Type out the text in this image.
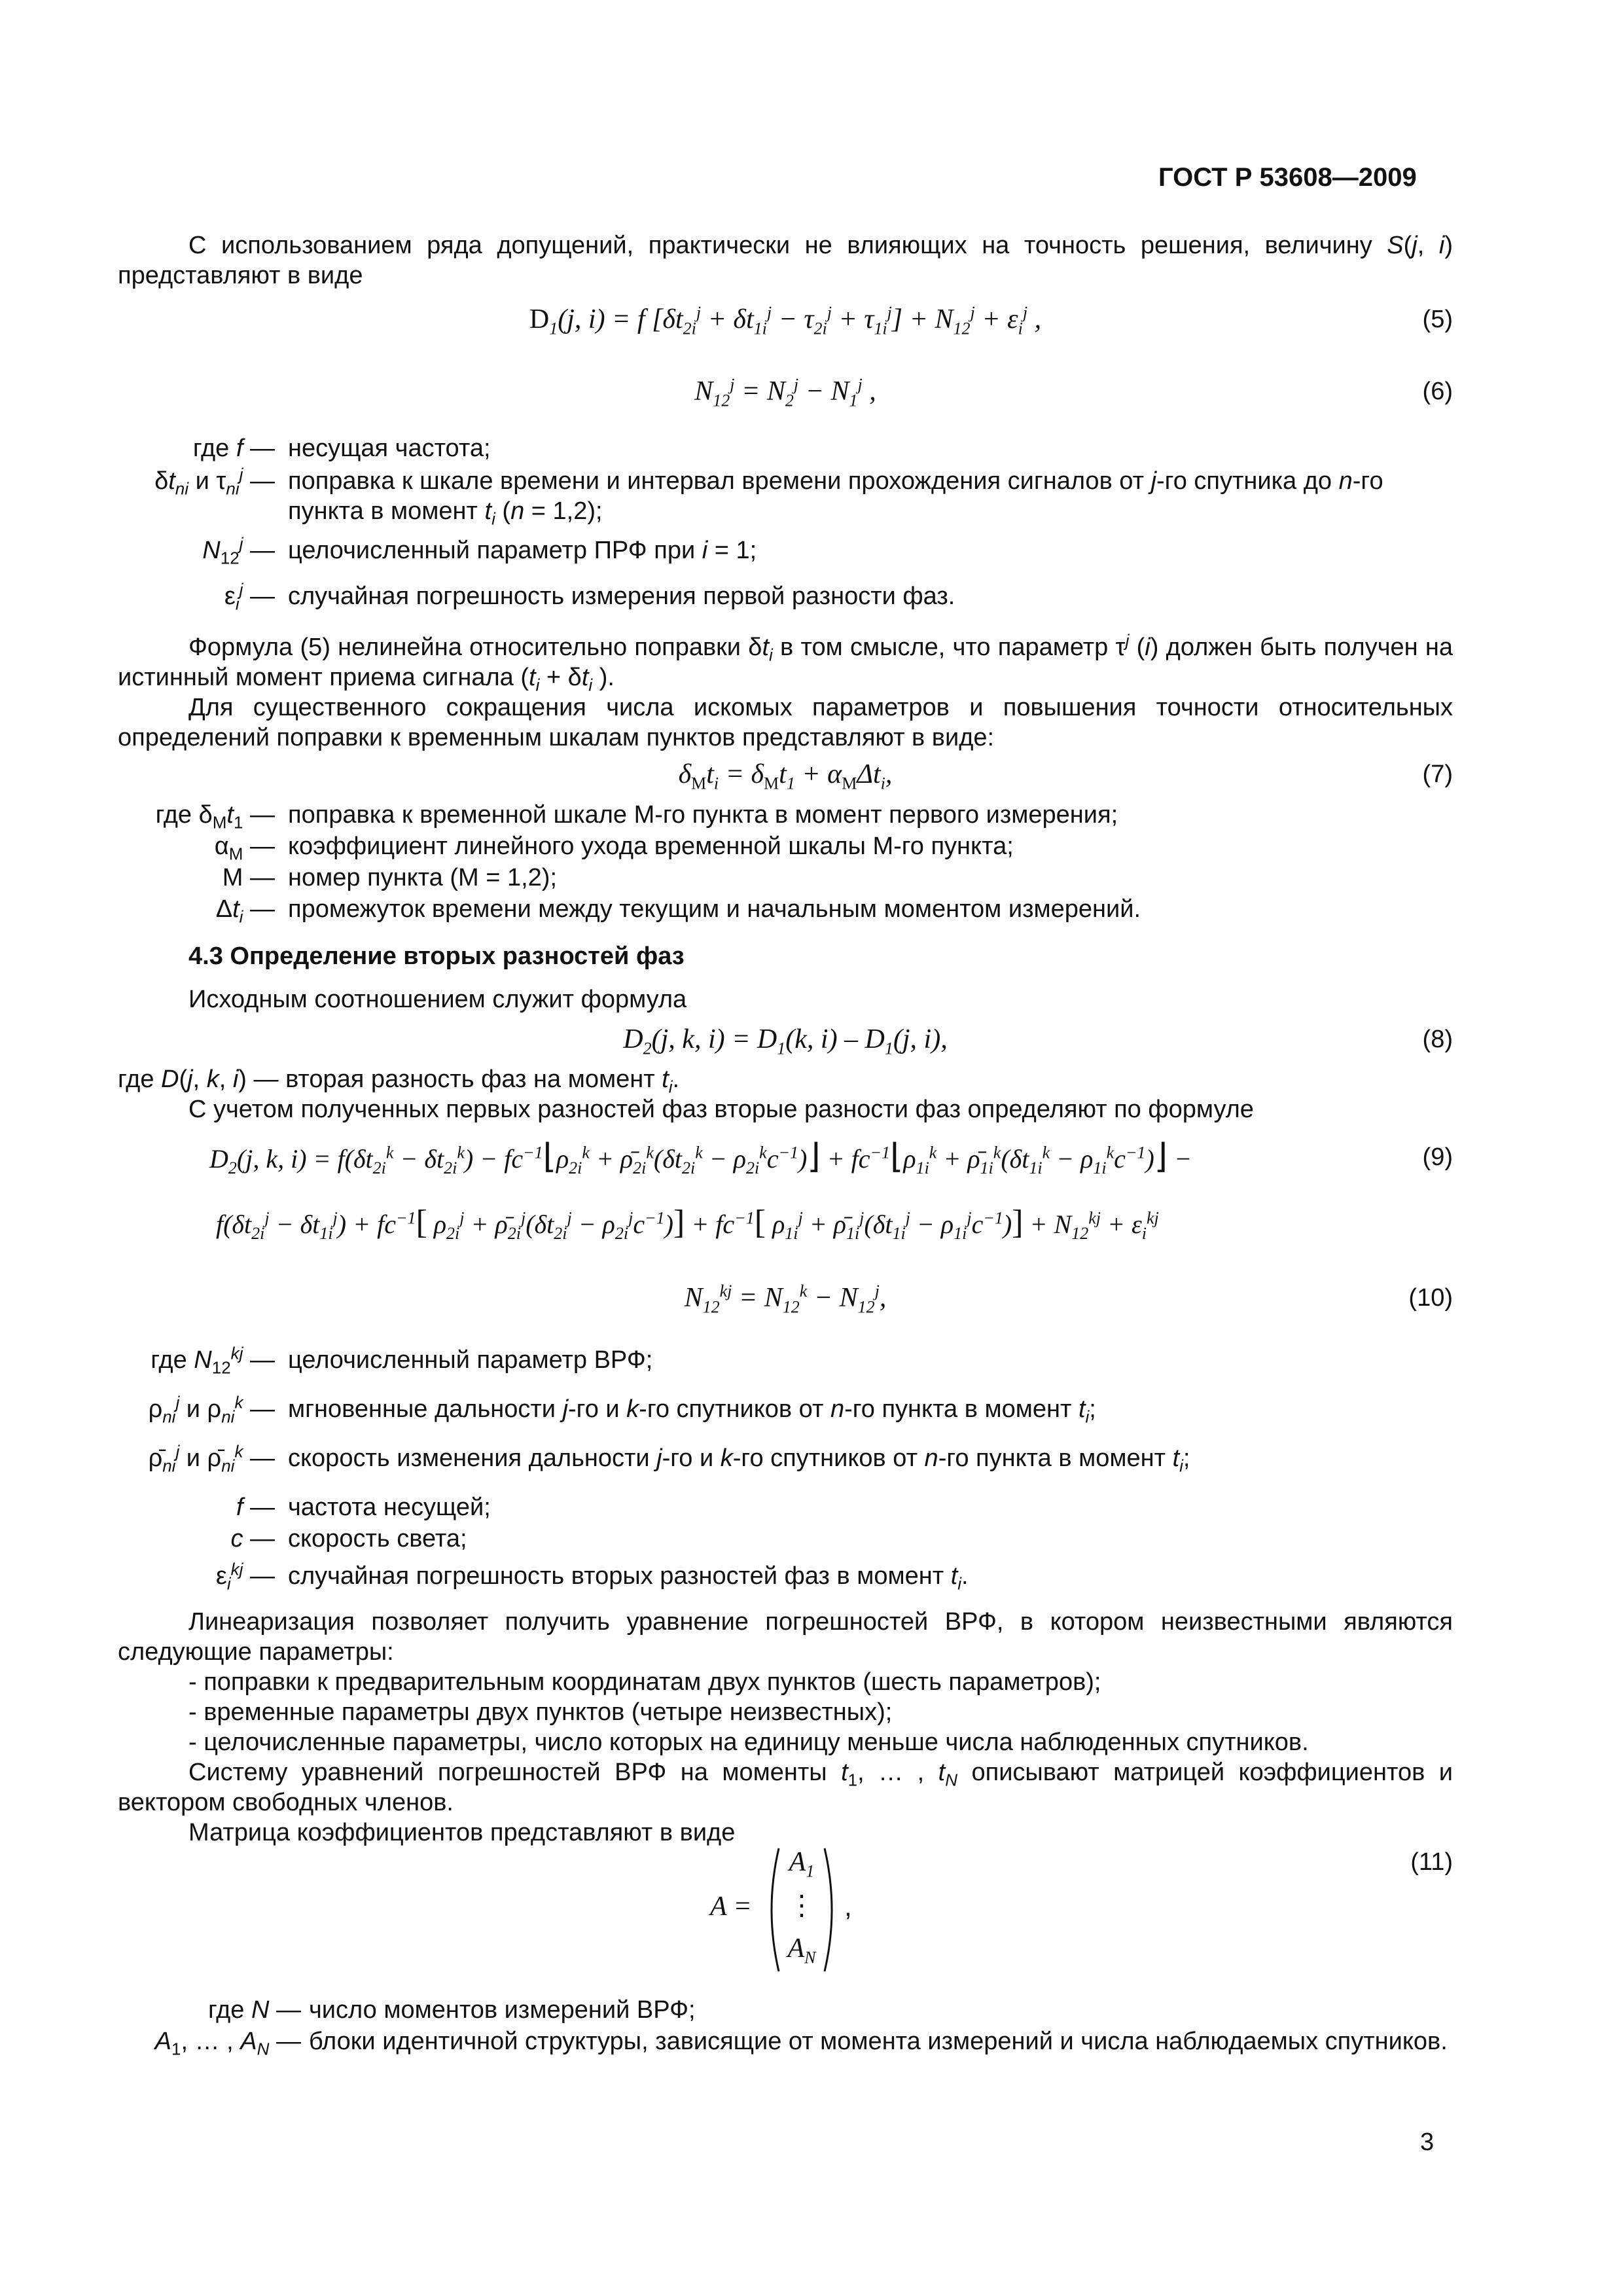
ГОСТ Р 53608—2009
С использованием ряда допущений, практически не влияющих на точность решения, величину S(j, i) представляют в виде
$D_1(j$, i) = f $[\delta t_{2i}^j + \delta t_{1i}^j - \tau_{2i}^j + \tau_{1i}^j] + N_{12}^j + \varepsilon_i^j$ ,	(5)
$N_{12}^j = N_2^j - N_1^j$ ,	(6)
где f — несущая частота;
$\delta t_{ni}$ и $\tau_{ni}^j$ — поправка к шкале времени и интервал времени прохождения сигналов от j-го спутника до n-го пункта в момент $t_i$ (n = 1,2);
$N_{12}^j$ — целочисленный параметр ПРФ при i = 1;
$\varepsilon_i^j$ — случайная погрешность измерения первой разности фаз.
Формула (5) нелинейна относительно поправки $\delta t_i$ в том смысле, что параметр $\tau^j$ (i) должен быть получен на истинный момент приема сигнала ($t_i + \delta t_i$ ).
Для существенного сокращения числа искомых параметров и повышения точности относительных определений поправки к временным шкалам пунктов представляют в виде:
$\delta_Мt_i = \delta_Мt_1 + \alpha_М\Delta t_i$,	(7)
где $\delta_Мt_1$ — поправка к временной шкале М-го пункта в момент первого измерения;
$\alpha_М$ — коэффициент линейного ухода временной шкалы М-го пункта;
М — номер пункта (М = 1,2);
$\Delta t_i$ — промежуток времени между текущим и начальным моментом измерений.
4.3 Определение вторых разностей фаз
Исходным соотношением служит формула
$D_2(j$, k, $i) = D_1(k$, $i) - D_1(j$, i),	(8)
где D(j, k, i) — вторая разность фаз на момент $t_i$.
С учетом полученных первых разностей фаз вторые разности фаз определяют по формуле
$D_2(j$, k, $i) = f(\delta t_{2i}^k - \delta t_{2i}^k)$ − $fc^{-1}⌊\rho_{2i}^k$ + $\rhō_{2i}^k(\delta t_{2i}^k$ − $\rho_{2i}^kc^{-1})⌋$ + $fc^{-1}⌊\rho_{1i}^k$ + $\rhō_{1i}^k(\delta t_{1i}^k$ − $\rho_{1i}^kc^{-1})⌋$ −	(9)
$f(\delta t_{2i}^j - \delta t_{1i}^j) + fc^{-1}$[ $\rho_{2i}^j$ + $\rhō_{2i}^j(\delta t_{2i}^j - \rho_{2i}^jc^{-1})] + fc^{-1}$[ $\rho_{1i}^j$ + $\rhō_{1i}^j(\delta t_{1i}^j - \rho_{1i}^jc^{-1})] + N_{12}^{kj} + \varepsilon_i^{kj}$
$N_{12}^{kj} = N_{12}^k - N_{12}^j$,	(10)
где $N_{12}^{kj}$ — целочисленный параметр ВРФ;
$\rho_{ni}^j$ и $\rho_{ni}^k$ — мгновенные дальности j-го и k-го спутников от n-го пункта в момент $t_i$;
$\rhō_{ni}^j$ и $\rhō_{ni}^k$ — скорость изменения дальности j-го и k-го спутников от n-го пункта в момент $t_i$;
f — частота несущей;
c — скорость света;
$\varepsilon_i^{kj}$ — случайная погрешность вторых разностей фаз в момент $t_i$.
Линеаризация позволяет получить уравнение погрешностей ВРФ, в котором неизвестными являются следующие параметры:
- поправки к предварительным координатам двух пунктов (шесть параметров);
- временные параметры двух пунктов (четыре неизвестных);
- целочисленные параметры, число которых на единицу меньше числа наблюденных спутников.
Систему уравнений погрешностей ВРФ на моменты $t_1$, … , $t_N$ описывают матрицей коэффициентов и вектором свободных членов.
Матрица коэффициентов представляют в виде
A =
$A_1$
⋮
$A_N$
,
(11)
где N — число моментов измерений ВРФ;
$A_1$, … , $A_N$ — блоки идентичной структуры, зависящие от момента измерений и числа наблюдаемых спутников.
3
